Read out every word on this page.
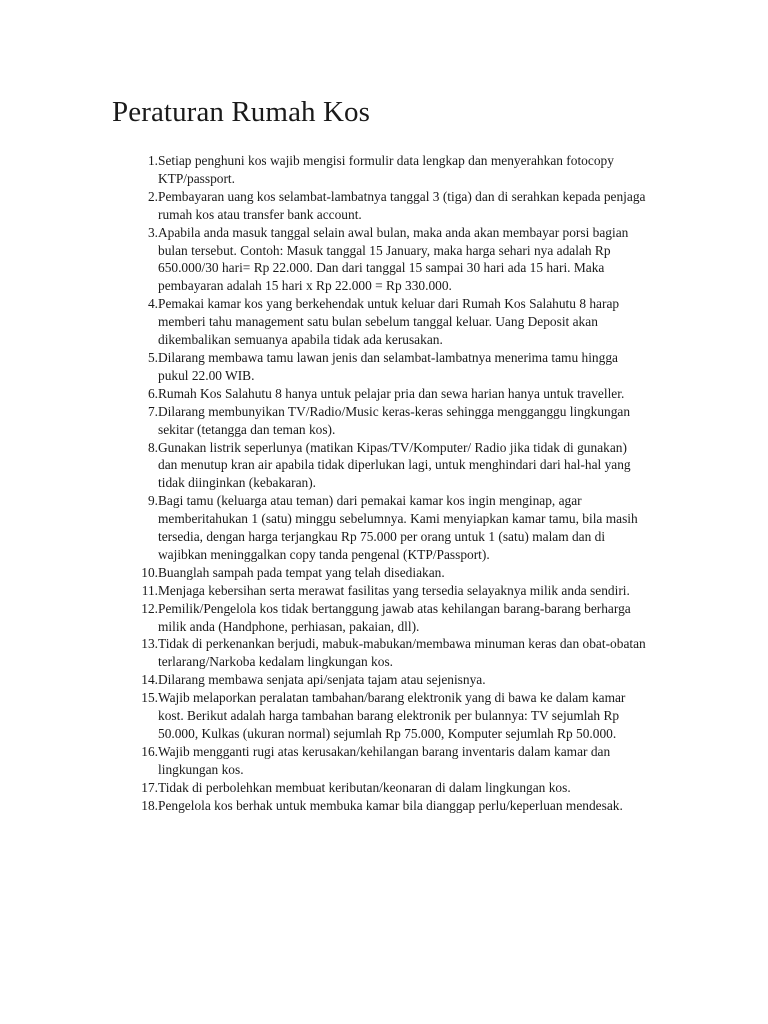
Peraturan Rumah Kos
1. Setiap penghuni kos wajib mengisi formulir data lengkap dan menyerahkan fotocopy KTP/passport.
2. Pembayaran uang kos selambat-lambatnya tanggal 3 (tiga) dan di serahkan kepada penjaga rumah kos atau transfer bank account.
3. Apabila anda masuk tanggal selain awal bulan, maka anda akan membayar porsi bagian bulan tersebut. Contoh: Masuk tanggal 15 January, maka harga sehari nya adalah Rp 650.000/30 hari= Rp 22.000. Dan dari tanggal 15 sampai 30 hari ada 15 hari. Maka pembayaran adalah 15 hari x Rp 22.000 = Rp 330.000.
4. Pemakai kamar kos yang berkehendak untuk keluar dari Rumah Kos Salahutu 8 harap memberi tahu management satu bulan sebelum tanggal keluar. Uang Deposit akan dikembalikan semuanya apabila tidak ada kerusakan.
5. Dilarang membawa tamu lawan jenis dan selambat-lambatnya menerima tamu hingga pukul 22.00 WIB.
6. Rumah Kos Salahutu 8 hanya untuk pelajar pria dan sewa harian hanya untuk traveller.
7. Dilarang membunyikan TV/Radio/Music keras-keras sehingga mengganggu lingkungan sekitar (tetangga dan teman kos).
8. Gunakan listrik seperlunya (matikan Kipas/TV/Komputer/ Radio jika tidak di gunakan) dan menutup kran air apabila tidak diperlukan lagi, untuk menghindari dari hal-hal yang tidak diinginkan (kebakaran).
9. Bagi tamu (keluarga atau teman) dari pemakai kamar kos ingin menginap, agar memberitahukan 1 (satu) minggu sebelumnya. Kami menyiapkan kamar tamu, bila masih tersedia, dengan harga terjangkau Rp 75.000 per orang untuk 1 (satu) malam dan di wajibkan meninggalkan copy tanda pengenal (KTP/Passport).
10. Buanglah sampah pada tempat yang telah disediakan.
11. Menjaga kebersihan serta merawat fasilitas yang tersedia selayaknya milik anda sendiri.
12. Pemilik/Pengelola kos tidak bertanggung jawab atas kehilangan barang-barang berharga milik anda (Handphone, perhiasan, pakaian, dll).
13. Tidak di perkenankan berjudi, mabuk-mabukan/membawa minuman keras dan obat-obatan terlarang/Narkoba kedalam lingkungan kos.
14. Dilarang membawa senjata api/senjata tajam atau sejenisnya.
15. Wajib melaporkan peralatan tambahan/barang elektronik yang di bawa ke dalam kamar kost. Berikut adalah harga tambahan barang elektronik per bulannya: TV sejumlah Rp 50.000, Kulkas (ukuran normal) sejumlah Rp 75.000, Komputer sejumlah Rp 50.000.
16. Wajib mengganti rugi atas kerusakan/kehilangan barang inventaris dalam kamar dan lingkungan kos.
17. Tidak di perbolehkan membuat keributan/keonaran di dalam lingkungan kos.
18. Pengelola kos berhak untuk membuka kamar bila dianggap perlu/keperluan mendesak.
